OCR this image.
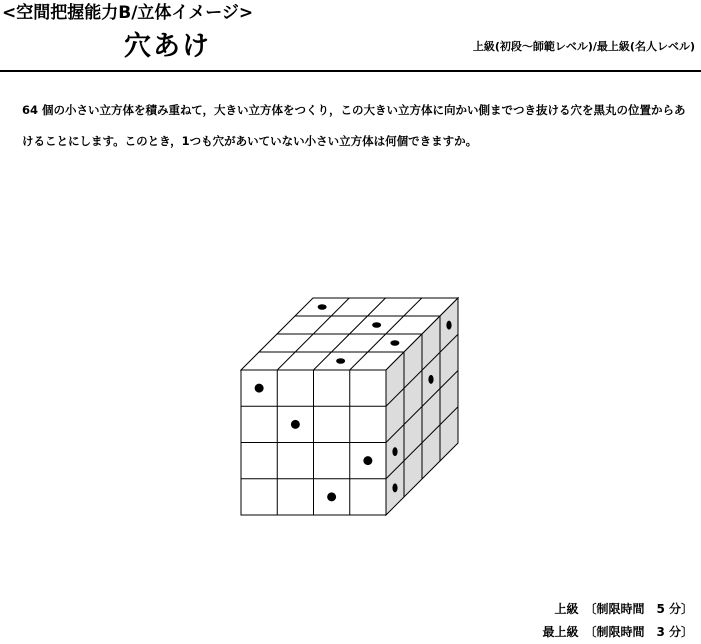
<空間把握能力B/立体イメージ>
穴あけ	上級(初段～師範レベル)/最上級(名人レベル)
64 個の小さい立方体を積み重ねて，大きい立方体をつくり，この大きい立方体に向かい側までつき抜ける穴を黒丸の位置からあけることにします。このとき，1つも穴があいていない小さい立方体は何個できますか。
上級 〔制限時間　5 分〕
最上級 〔制限時間　3 分〕
